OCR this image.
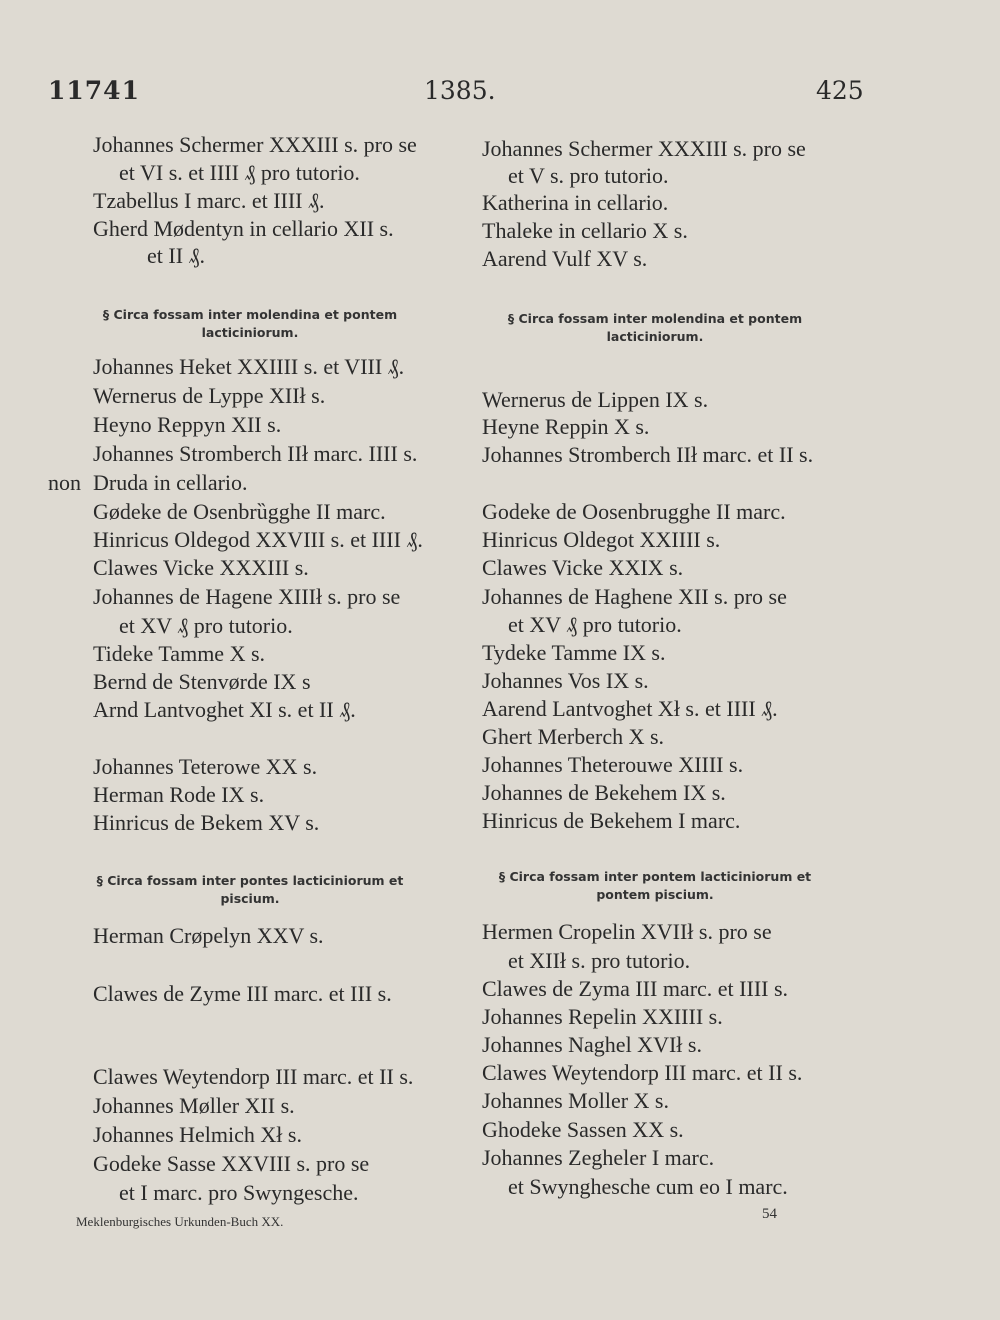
11741	1385.	425
Johannes Schermer XXXIII s. pro se
et VI s. et IIII ₰ pro tutorio.
Tzabellus I marc. et IIII ₰.
Gherd Mødentyn in cellario XII s.
et II ₰.
§ Circa fossam inter molendina et pontem
lacticiniorum.
Johannes Heket XXIIII s. et VIII ₰.
Wernerus de Lyppe XIIł s.
Heyno Reppyn XII s.
Johannes Stromberch IIł marc. IIII s.
non Druda in cellario.
Gødeke de Osenbrȕgghe II marc.
Hinricus Oldegod XXVIII s. et IIII ₰.
Clawes Vicke XXXIII s.
Johannes de Hagene XIIIł s. pro se
et XV ₰ pro tutorio.
Tideke Tamme X s.
Bernd de Stenvørde IX s
Arnd Lantvoghet XI s. et II ₰.
Johannes Teterowe XX s.
Herman Rode IX s.
Hinricus de Bekem XV s.
§ Circa fossam inter pontes lacticiniorum et
piscium.
Herman Crøpelyn XXV s.
Clawes de Zyme III marc. et III s.
Clawes Weytendorp III marc. et II s.
Johannes Møller XII s.
Johannes Helmich Xł s.
Godeke Sasse XXVIII s. pro se
et I marc. pro Swyngesche.
Johannes Schermer XXXIII s. pro se
et V s. pro tutorio.
Katherina in cellario.
Thaleke in cellario X s.
Aarend Vulf XV s.
§ Circa fossam inter molendina et pontem
lacticiniorum.
Wernerus de Lippen IX s.
Heyne Reppin X s.
Johannes Stromberch IIł marc. et II s.
Godeke de Oosenbrugghe II marc.
Hinricus Oldegot XXIIII s.
Clawes Vicke XXIX s.
Johannes de Haghene XII s. pro se
et XV ₰ pro tutorio.
Tydeke Tamme IX s.
Johannes Vos IX s.
Aarend Lantvoghet Xł s. et IIII ₰.
Ghert Merberch X s.
Johannes Theterouwe XIIII s.
Johannes de Bekehem IX s.
Hinricus de Bekehem I marc.
§ Circa fossam inter pontem lacticiniorum et
pontem piscium.
Hermen Cropelin XVIIł s. pro se
et XIIł s. pro tutorio.
Clawes de Zyma III marc. et IIII s.
Johannes Repelin XXIIII s.
Johannes Naghel XVIł s.
Clawes Weytendorp III marc. et II s.
Johannes Moller X s.
Ghodeke Sassen XX s.
Johannes Zegheler I marc.
et Swynghesche cum eo I marc.
Meklenburgisches Urkunden-Buch XX.	54
